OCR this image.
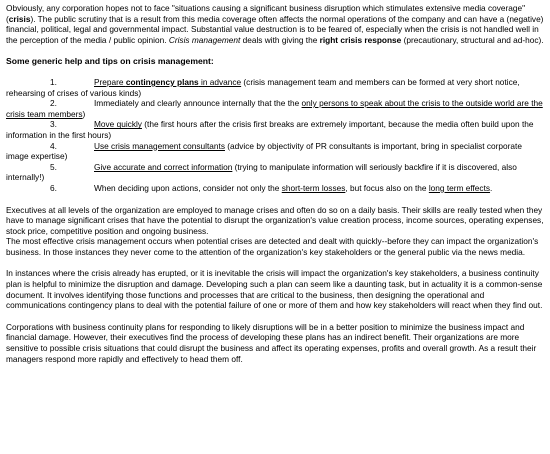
Obviously, any corporation hopes not to face "situations causing a significant business disruption which stimulates extensive media coverage" (crisis). The public scrutiny that is a result from this media coverage often affects the normal operations of the company and can have a (negative) financial, political, legal and governmental impact. Substantial value destruction is to be feared of, especially when the crisis is not handled well in the perception of the media / public opinion. Crisis management deals with giving the right crisis response (precautionary, structural and ad-hoc).

Some generic help and tips on crisis management:

1.	Prepare contingency plans in advance (crisis management team and members can be formed at very short notice, rehearsing of crises of various kinds)

2.	Immediately and clearly announce internally that the the only persons to speak about the crisis to the outside world are the crisis team members)

3.	Move quickly (the first hours after the crisis first breaks are extremely important, because the media often build upon the information in the first hours)

4.	Use crisis management consultants (advice by objectivity of PR consultants is important, bring in specialist corporate image expertise)

5.	Give accurate and correct information (trying to manipulate information will seriously backfire if it is discovered, also internally!)

6.	When deciding upon actions, consider not only the short-term losses, but focus also on the long term effects.

Executives at all levels of the organization are employed to manage crises and often do so on a daily basis. Their skills are really tested when they have to manage significant crises that have the potential to disrupt the organization's value creation process, income sources, operating expenses, stock price, competitive position and ongoing business.

The most effective crisis management occurs when potential crises are detected and dealt with quickly--before they can impact the organization's business. In those instances they never come to the attention of the organization's key stakeholders or the general public via the news media.

In instances where the crisis already has erupted, or it is inevitable the crisis will impact the organization's key stakeholders, a business continuity plan is helpful to minimize the disruption and damage. Developing such a plan can seem like a daunting task, but in actuality it is a common-sense document. It involves identifying those functions and processes that are critical to the business, then designing the operational and communications contingency plans to deal with the potential failure of one or more of them and how key stakeholders will react when they find out.

Corporations with business continuity plans for responding to likely disruptions will be in a better position to minimize the business impact and financial damage. However, their executives find the process of developing these plans has an indirect benefit. Their organizations are more sensitive to possible crisis situations that could disrupt the business and affect its operating expenses, profits and overall growth. As a result their managers respond more rapidly and effectively to head them off.
